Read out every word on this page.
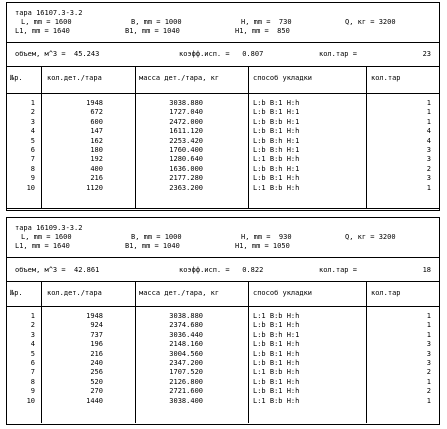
тара 16107.3-3.2
L, mm = 1600	B, mm = 1000	H, mm =  730	Q, кг = 3200
L1, mm = 1640	B1, mm = 1040	H1, mm =  850
объем, м^3 =  45.243	коэфф.исп. =   0.807	кол.тар =	23
№р.	кол.дет./тара	масса дет./тара, кг	способ укладки	кол.тар
1	1948	3038.880	L:b B:1 H:h	1
2	672	1727.040	L:b B:1 H:1	1
3	600	2472.000	L:b B:b H:1	1
4	147	1611.120	L:b B:1 H:h	4
5	162	2253.420	L:b B:h H:1	4
6	180	1760.400	L:b B:h H:1	3
7	192	1280.640	L:1 B:b H:h	3
8	400	1636.000	L:b B:h H:1	2
9	216	2177.280	L:b B:1 H:h	3
10	1120	2363.200	L:1 B:b H:h	1
тара 16109.3-3.2
L, mm = 1600	B, mm = 1000	H, mm =  930	Q, кг = 3200
L1, mm = 1640	B1, mm = 1040	H1, mm = 1050
объем, м^3 =  42.861	коэфф.исп. =   0.822	кол.тар =	18
№р.	кол.дет./тара	масса дет./тара, кг	способ укладки	кол.тар
1	1948	3038.880	L:1 B:b H:h	1
2	924	2374.680	L:b B:1 H:h	1
3	737	3036.440	L:b B:h H:1	1
4	196	2148.160	L:b B:1 H:h	3
5	216	3004.560	L:b B:1 H:h	3
6	240	2347.200	L:b B:1 H:h	3
7	256	1707.520	L:1 B:b H:h	2
8	520	2126.800	L:b B:1 H:h	1
9	270	2721.600	L:b B:1 H:h	2
10	1440	3038.400	L:1 B:b H:h	1
